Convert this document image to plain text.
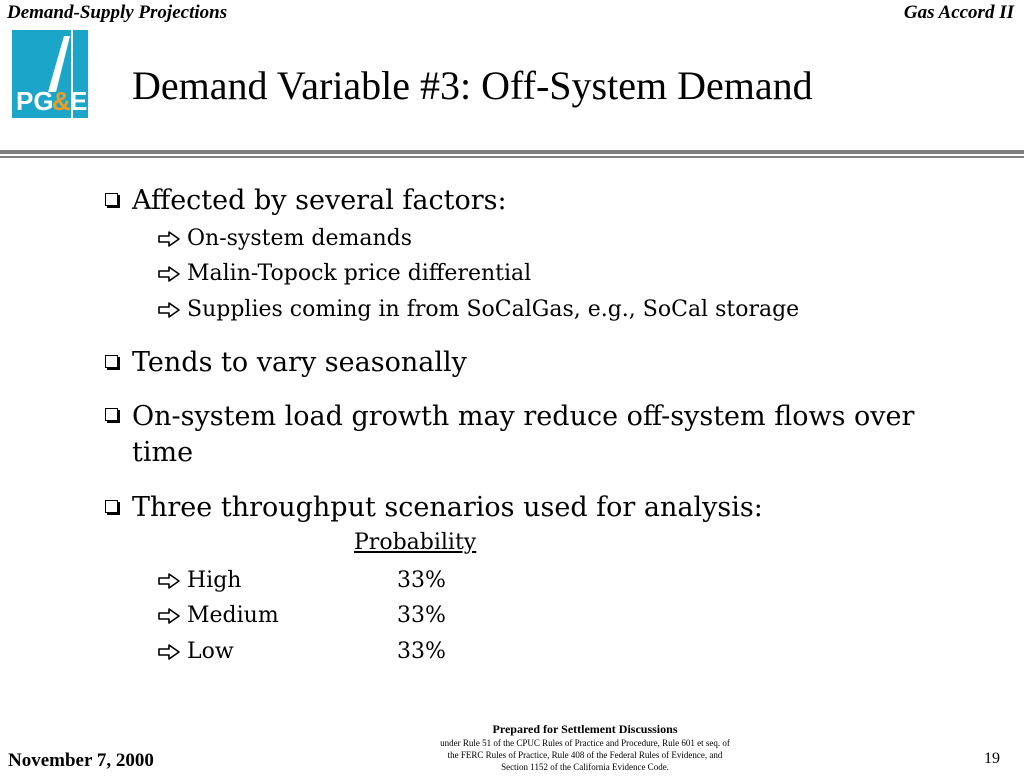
Demand-Supply Projections	Gas Accord II
PG
& E Demand Variable #3: Off-System Demand
Affected by several factors:
On-system demands
Malin-Topock price differential
Supplies coming in from SoCalGas, e.g., SoCal storage
Tends to vary seasonally
On-system load growth may reduce off-system flows over time
Three throughput scenarios used for analysis:
Probability
High	33%
Medium	33%
Low	33%
November 7, 2000
Prepared for Settlement Discussions
under Rule 51 of the CPUC Rules of Practice and Procedure, Rule 601 et seq. of
the FERC Rules of Practice, Rule 408 of the Federal Rules of Evidence, and
Section 1152 of the California Evidence Code.	19
